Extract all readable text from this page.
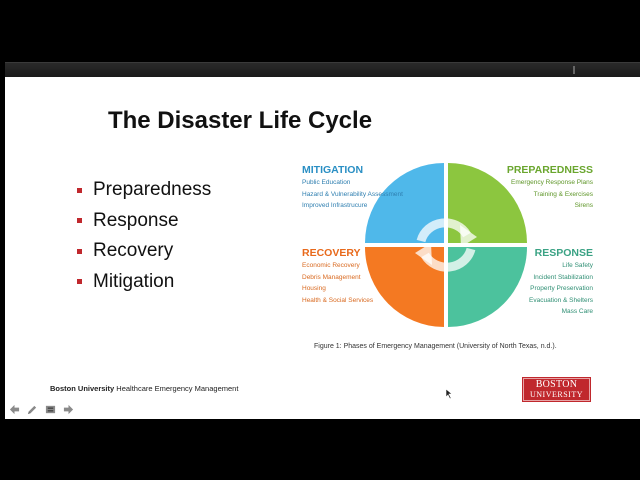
The Disaster Life Cycle
Preparedness
Response
Recovery
Mitigation
MITIGATION
Public Education
Hazard & Vulnerability Assessment
Improved Infrastrucure
PREPAREDNESS
Emergency Response Plans
Training & Exercises
Sirens
RECOVERY
Economic Recovery
Debris Management
Housing
Health & Social Services
RESPONSE
Life Safety
Incident Stabilization
Property Preservation
Evacuation & Shelters
Mass Care
Figure 1: Phases of Emergency Management (University of North Texas, n.d.).
Boston University Healthcare Emergency Management	BOSTON
UNIVERSITY
